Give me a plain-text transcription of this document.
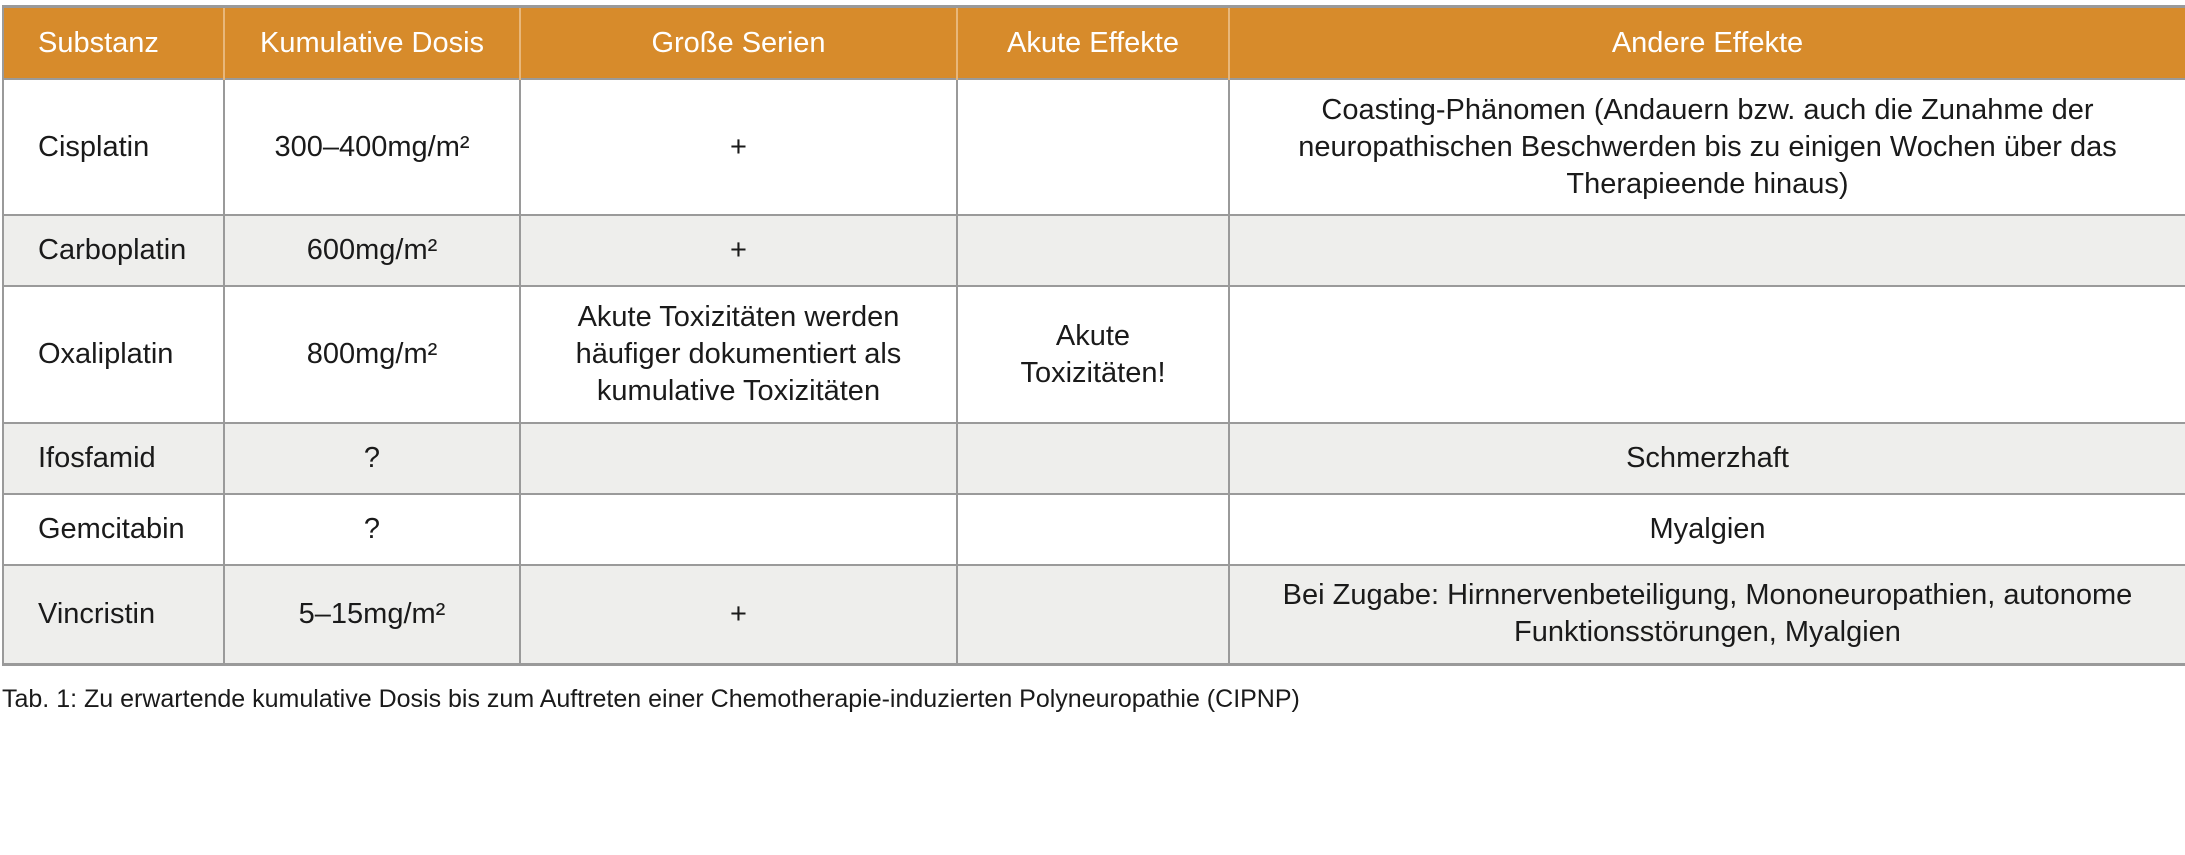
Substanz	Kumulative Dosis	Große Serien	Akute Effekte	Andere Effekte
Cisplatin	300–400mg/m²	+		Coasting-Phänomen (Andauern bzw. auch die Zunahme der neuropathischen Beschwerden bis zu einigen Wochen über das Therapieende hinaus)
Carboplatin	600mg/m²	+		
Oxaliplatin	800mg/m²	Akute Toxizitäten werden häufiger dokumentiert als kumulative Toxizitäten	Akute Toxizitäten!	
Ifosfamid	?			Schmerzhaft
Gemcitabin	?			Myalgien
Vincristin	5–15mg/m²	+		Bei Zugabe: Hirnnervenbeteiligung, Mononeuropathien, autonome Funktionsstörungen, Myalgien
Tab. 1: Zu erwartende kumulative Dosis bis zum Auftreten einer Chemotherapie-induzierten Polyneuropathie (CIPNP)
